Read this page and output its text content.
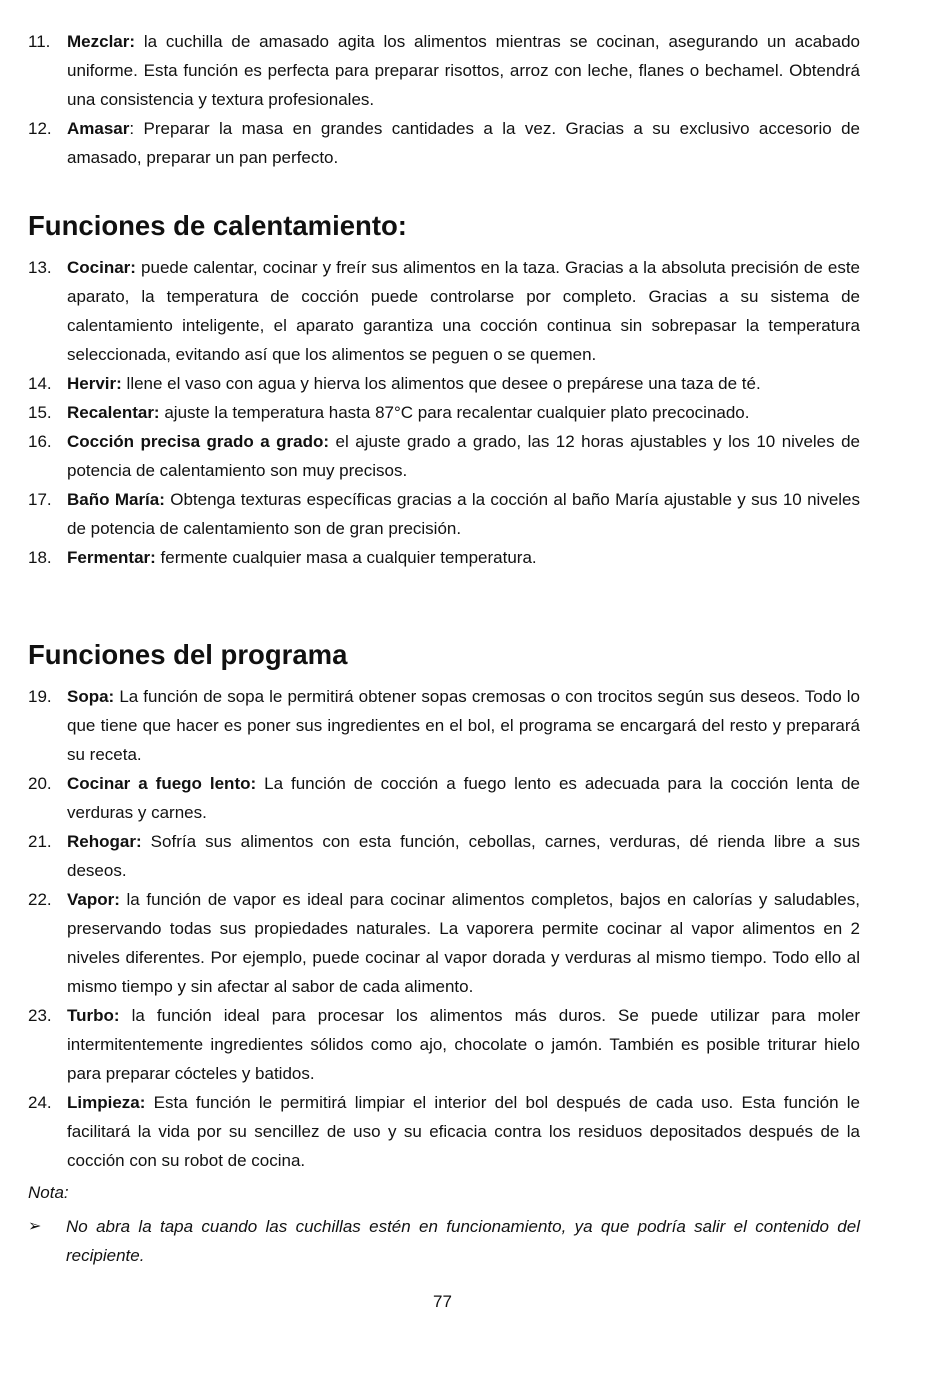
11. Mezclar: la cuchilla de amasado agita los alimentos mientras se cocinan, asegurando un acabado uniforme. Esta función es perfecta para preparar risottos, arroz con leche, flanes o bechamel. Obtendrá una consistencia y textura profesionales.
12. Amasar: Preparar la masa en grandes cantidades a la vez. Gracias a su exclusivo accesorio de amasado, preparar un pan perfecto.
Funciones de calentamiento:
13. Cocinar: puede calentar, cocinar y freír sus alimentos en la taza. Gracias a la absoluta precisión de este aparato, la temperatura de cocción puede controlarse por completo. Gracias a su sistema de calentamiento inteligente, el aparato garantiza una cocción continua sin sobrepasar la temperatura seleccionada, evitando así que los alimentos se peguen o se quemen.
14. Hervir: llene el vaso con agua y hierva los alimentos que desee o prepárese una taza de té.
15. Recalentar: ajuste la temperatura hasta 87°C para recalentar cualquier plato precocinado.
16. Cocción precisa grado a grado: el ajuste grado a grado, las 12 horas ajustables y los 10 niveles de potencia de calentamiento son muy precisos.
17. Baño María: Obtenga texturas específicas gracias a la cocción al baño María ajustable y sus 10 niveles de potencia de calentamiento son de gran precisión.
18. Fermentar: fermente cualquier masa a cualquier temperatura.
Funciones del programa
19. Sopa: La función de sopa le permitirá obtener sopas cremosas o con trocitos según sus deseos. Todo lo que tiene que hacer es poner sus ingredientes en el bol, el programa se encargará del resto y preparará su receta.
20. Cocinar a fuego lento: La función de cocción a fuego lento es adecuada para la cocción lenta de verduras y carnes.
21. Rehogar: Sofría sus alimentos con esta función, cebollas, carnes, verduras, dé rienda libre a sus deseos.
22. Vapor: la función de vapor es ideal para cocinar alimentos completos, bajos en calorías y saludables, preservando todas sus propiedades naturales. La vaporera permite cocinar al vapor alimentos en 2 niveles diferentes. Por ejemplo, puede cocinar al vapor dorada y verduras al mismo tiempo. Todo ello al mismo tiempo y sin afectar al sabor de cada alimento.
23. Turbo: la función ideal para procesar los alimentos más duros. Se puede utilizar para moler intermitentemente ingredientes sólidos como ajo, chocolate o jamón. También es posible triturar hielo para preparar cócteles y batidos.
24. Limpieza: Esta función le permitirá limpiar el interior del bol después de cada uso. Esta función le facilitará la vida por su sencillez de uso y su eficacia contra los residuos depositados después de la cocción con su robot de cocina.
Nota:
➢ No abra la tapa cuando las cuchillas estén en funcionamiento, ya que podría salir el contenido del recipiente.
77
